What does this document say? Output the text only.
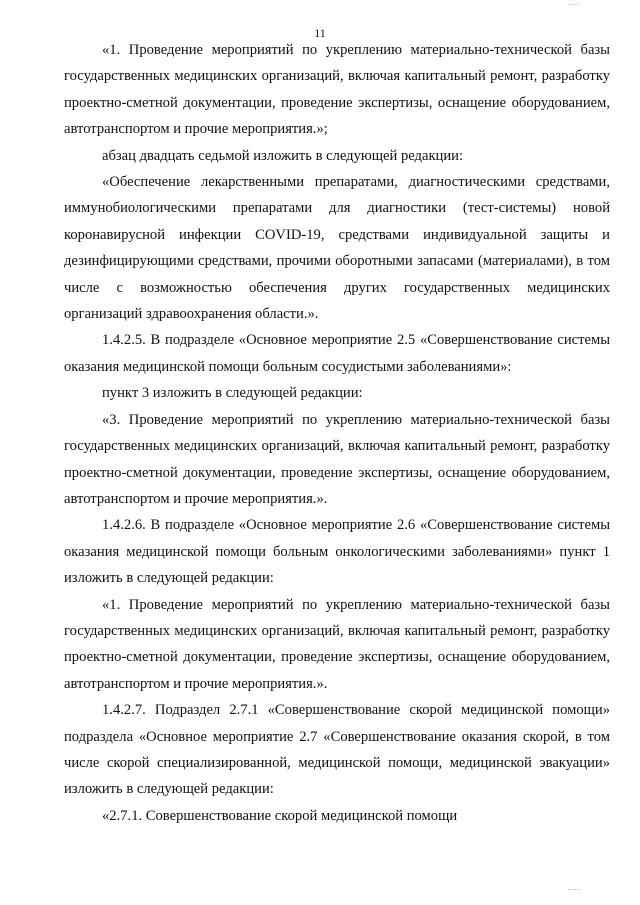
11

«1. Проведение мероприятий по укреплению материально-технической базы государственных медицинских организаций, включая капитальный ремонт, разработку проектно-сметной документации, проведение экспертизы, оснащение оборудованием, автотранспортом и прочие мероприятия.»;

абзац двадцать седьмой изложить в следующей редакции:

«Обеспечение лекарственными препаратами, диагностическими средствами, иммунобиологическими препаратами для диагностики (тест-системы) новой коронавирусной инфекции COVID-19, средствами индивидуальной защиты и дезинфицирующими средствами, прочими оборотными запасами (материалами), в том числе с возможностью обеспечения других государственных медицинских организаций здравоохранения области.».

1.4.2.5. В подразделе «Основное мероприятие 2.5 «Совершенствование системы оказания медицинской помощи больным сосудистыми заболеваниями»:

пункт 3 изложить в следующей редакции:

«3. Проведение мероприятий по укреплению материально-технической базы государственных медицинских организаций, включая капитальный ремонт, разработку проектно-сметной документации, проведение экспертизы, оснащение оборудованием, автотранспортом и прочие мероприятия.».

1.4.2.6. В подразделе «Основное мероприятие 2.6 «Совершенствование системы оказания медицинской помощи больным онкологическими заболеваниями» пункт 1 изложить в следующей редакции:

«1. Проведение мероприятий по укреплению материально-технической базы государственных медицинских организаций, включая капитальный ремонт, разработку проектно-сметной документации, проведение экспертизы, оснащение оборудованием, автотранспортом и прочие мероприятия.».

1.4.2.7. Подраздел 2.7.1 «Совершенствование скорой медицинской помощи» подраздела «Основное мероприятие 2.7 «Совершенствование оказания скорой, в том числе скорой специализированной, медицинской помощи, медицинской эвакуации» изложить в следующей редакции:

«2.7.1. Совершенствование скорой медицинской помощи
